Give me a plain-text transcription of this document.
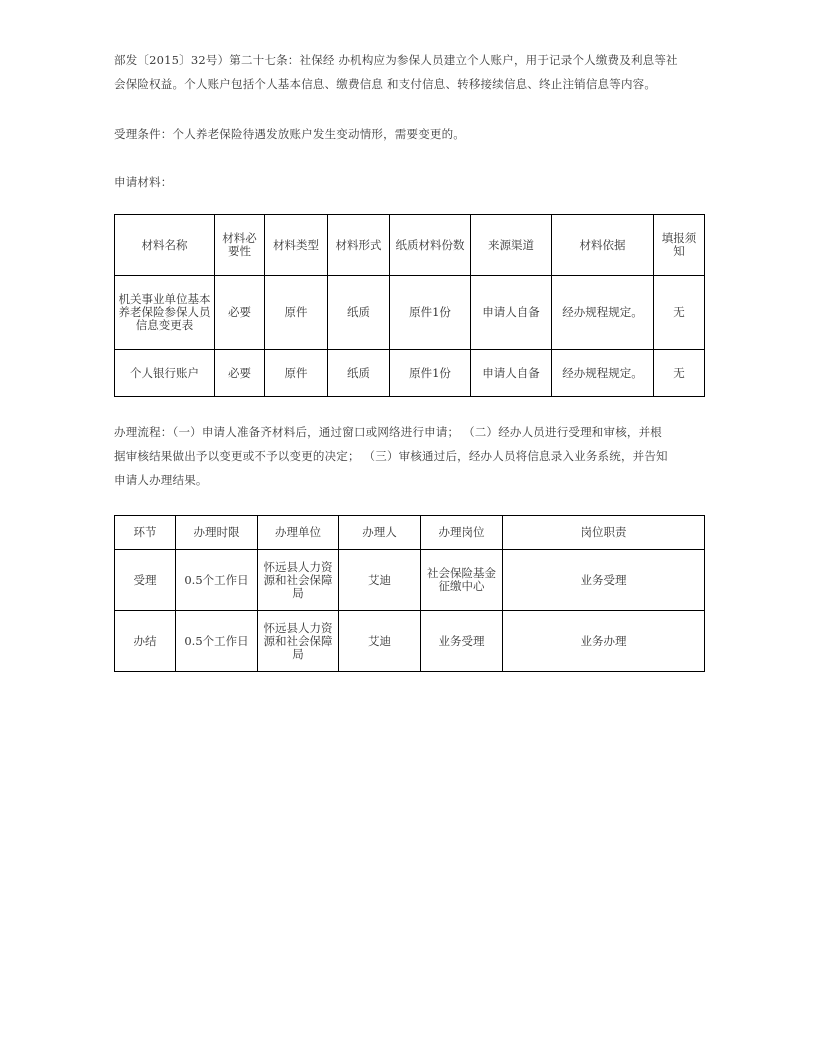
部发〔2015〕32号）第二十七条：社保经 办机构应为参保人员建立个人账户，用于记录个人缴费及利息等社
会保险权益。个人账户包括个人基本信息、缴费信息 和支付信息、转移接续信息、终止注销信息等内容。

受理条件：个人养老保险待遇发放账户发生变动情形，需要变更的。

申请材料：

材料名称	材料必要性	材料类型	材料形式	纸质材料份数	来源渠道	材料依据	填报须知
机关事业单位基本养老保险参保人员信息变更表	必要	原件	纸质	原件1份	申请人自备	经办规程规定。	无
个人银行账户	必要	原件	纸质	原件1份	申请人自备	经办规程规定。	无

办理流程：（一）申请人准备齐材料后，通过窗口或网络进行申请； （二）经办人员进行受理和审核，并根
据审核结果做出予以变更或不予以变更的决定； （三）审核通过后，经办人员将信息录入业务系统，并告知
申请人办理结果。

环节	办理时限	办理单位	办理人	办理岗位	岗位职责
受理	0.5个工作日	怀远县人力资源和社会保障局	艾迪	社会保险基金征缴中心	业务受理
办结	0.5个工作日	怀远县人力资源和社会保障局	艾迪	业务受理	业务办理
